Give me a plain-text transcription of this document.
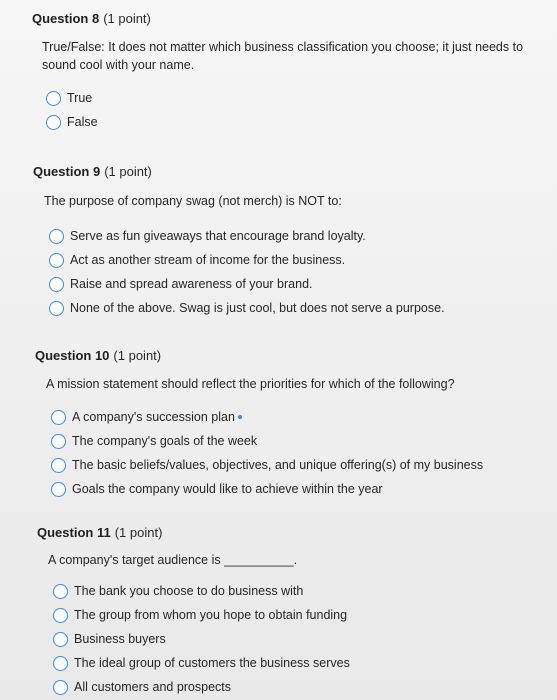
Question 8 (1 point)
True/False: It does not matter which business classification you choose; it just needs to sound cool with your name.
True
False
Question 9 (1 point)
The purpose of company swag (not merch) is NOT to:
Serve as fun giveaways that encourage brand loyalty.
Act as another stream of income for the business.
Raise and spread awareness of your brand.
None of the above. Swag is just cool, but does not serve a purpose.
Question 10 (1 point)
A mission statement should reflect the priorities for which of the following?
A company's succession plan
The company's goals of the week
The basic beliefs/values, objectives, and unique offering(s) of my business
Goals the company would like to achieve within the year
Question 11 (1 point)
A company's target audience is __________.
The bank you choose to do business with
The group from whom you hope to obtain funding
Business buyers
The ideal group of customers the business serves
All customers and prospects
